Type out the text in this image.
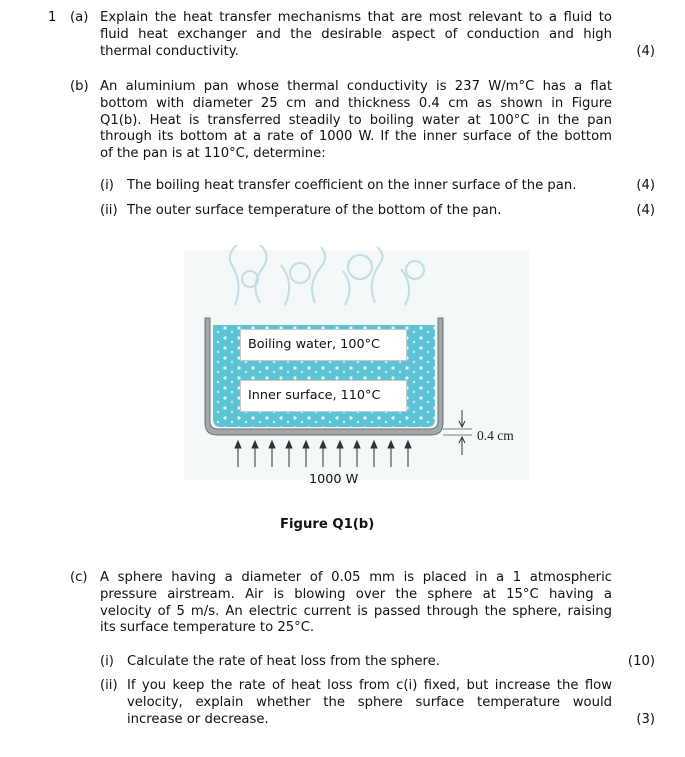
1 (a) Explain the heat transfer mechanisms that are most relevant to a fluid to

fluid heat exchanger and the desirable aspect of conduction and high

thermal conductivity.	(4)
(b) An aluminium pan whose thermal conductivity is 237 W/m°C has a flat

bottom with diameter 25 cm and thickness 0.4 cm as shown in Figure

Q1(b). Heat is transferred steadily to boiling water at 100°C in the pan

through its bottom at a rate of 1000 W. If the inner surface of the bottom

of the pan is at 110°C, determine:

(i) The boiling heat transfer coefficient on the inner surface of the pan.	(4)
(ii) The outer surface temperature of the bottom of the pan.	(4)
Boiling water, 100°C
Inner surface, 110°C
0.4 cm
1000 W
Figure Q1(b)
(c) A sphere having a diameter of 0.05 mm is placed in a 1 atmospheric

pressure airstream. Air is blowing over the sphere at 15°C having a

velocity of 5 m/s. An electric current is passed through the sphere, raising

its surface temperature to 25°C.

(i) Calculate the rate of heat loss from the sphere.	(10)
(ii) If you keep the rate of heat loss from c(i) fixed, but increase the flow

velocity, explain whether the sphere surface temperature would

increase or decrease.	(3)
